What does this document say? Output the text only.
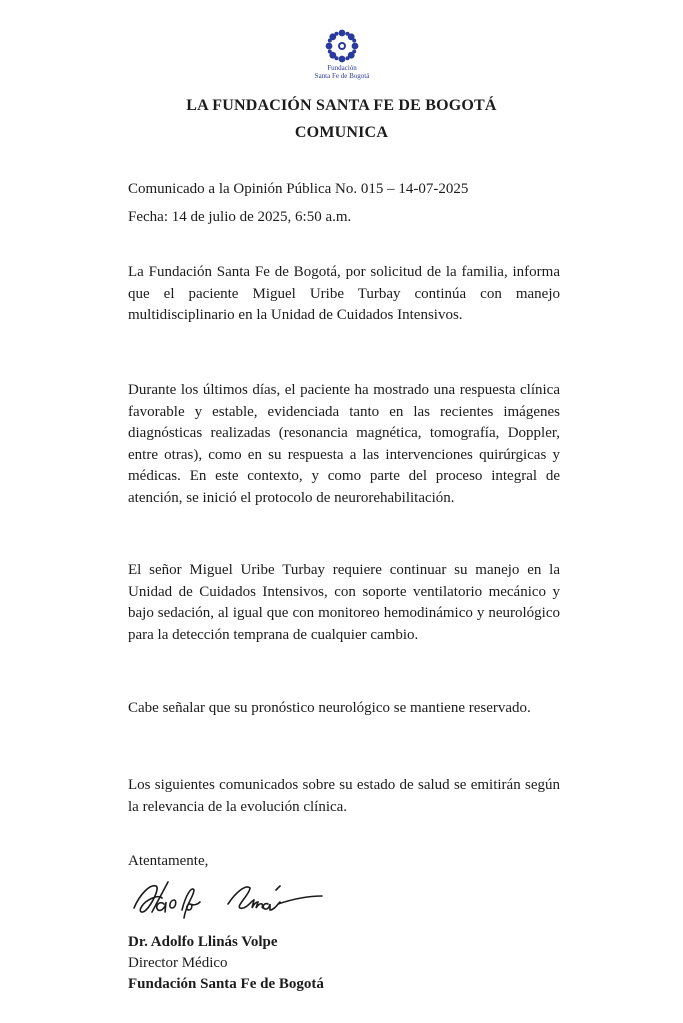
Fundación
Santa Fe de Bogotá
LA FUNDACIÓN SANTA FE DE BOGOTÁ
COMUNICA
Comunicado a la Opinión Pública No. 015 – 14-07-2025
Fecha: 14 de julio de 2025, 6:50 a.m.
La Fundación Santa Fe de Bogotá, por solicitud de la familia, informa que el paciente Miguel Uribe Turbay continúa con manejo multidisciplinario en la Unidad de Cuidados Intensivos.
Durante los últimos días, el paciente ha mostrado una respuesta clínica favorable y estable, evidenciada tanto en las recientes imágenes diagnósticas realizadas (resonancia magnética, tomografía, Doppler, entre otras), como en su respuesta a las intervenciones quirúrgicas y médicas. En este contexto, y como parte del proceso integral de atención, se inició el protocolo de neurorehabilitación.
El señor Miguel Uribe Turbay requiere continuar su manejo en la Unidad de Cuidados Intensivos, con soporte ventilatorio mecánico y bajo sedación, al igual que con monitoreo hemodinámico y neurológico para la detección temprana de cualquier cambio.
Cabe señalar que su pronóstico neurológico se mantiene reservado.
Los siguientes comunicados sobre su estado de salud se emitirán según la relevancia de la evolución clínica.
Atentamente,
Dr. Adolfo Llinás Volpe
Director Médico
Fundación Santa Fe de Bogotá
